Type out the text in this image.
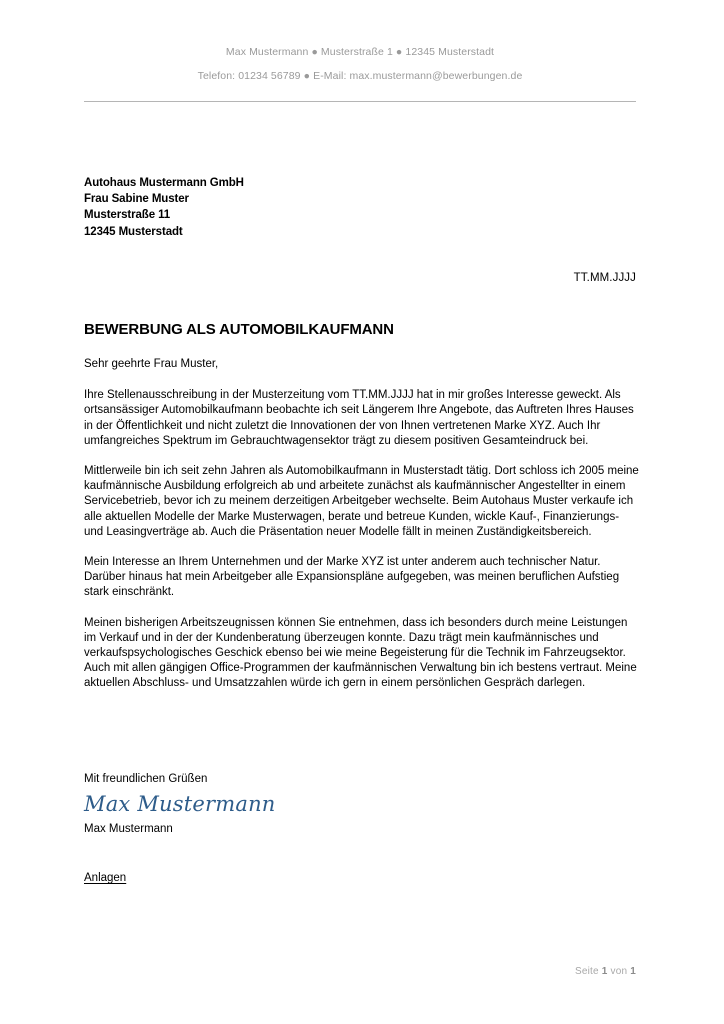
Max Mustermann ● Musterstraße 1 ● 12345 Musterstadt
Telefon: 01234 56789 ● E-Mail: max.mustermann@bewerbungen.de
Autohaus Mustermann GmbH
Frau Sabine Muster
Musterstraße 11
12345 Musterstadt
TT.MM.JJJJ
BEWERBUNG ALS AUTOMOBILKAUFMANN

Sehr geehrte Frau Muster,

Ihre Stellenausschreibung in der Musterzeitung vom TT.MM.JJJJ hat in mir großes Interesse geweckt. Als ortsansässiger Automobilkaufmann beobachte ich seit Längerem Ihre Angebote, das Auftreten Ihres Hauses in der Öffentlichkeit und nicht zuletzt die Innovationen der von Ihnen vertretenen Marke XYZ. Auch Ihr umfangreiches Spektrum im Gebrauchtwagensektor trägt zu diesem positiven Gesamteindruck bei.

Mittlerweile bin ich seit zehn Jahren als Automobilkaufmann in Musterstadt tätig. Dort schloss ich 2005 meine kaufmännische Ausbildung erfolgreich ab und arbeitete zunächst als kaufmännischer Angestellter in einem Servicebetrieb, bevor ich zu meinem derzeitigen Arbeitgeber wechselte. Beim Autohaus Muster verkaufe ich alle aktuellen Modelle der Marke Musterwagen, berate und betreue Kunden, wickle Kauf-, Finanzierungs- und Leasingverträge ab. Auch die Präsentation neuer Modelle fällt in meinen Zuständigkeitsbereich.

Mein Interesse an Ihrem Unternehmen und der Marke XYZ ist unter anderem auch technischer Natur. Darüber hinaus hat mein Arbeitgeber alle Expansionspläne aufgegeben, was meinen beruflichen Aufstieg stark einschränkt.

Meinen bisherigen Arbeitszeugnissen können Sie entnehmen, dass ich besonders durch meine Leistungen im Verkauf und in der der Kundenberatung überzeugen konnte. Dazu trägt mein kaufmännisches und verkaufspsychologisches Geschick ebenso bei wie meine Begeisterung für die Technik im Fahrzeugsektor. Auch mit allen gängigen Office-Programmen der kaufmännischen Verwaltung bin ich bestens vertraut. Meine aktuellen Abschluss- und Umsatzzahlen würde ich gern in einem persönlichen Gespräch darlegen.

Mit freundlichen Grüßen
Max Mustermann
Max Mustermann
Anlagen
Seite 1 von 1
